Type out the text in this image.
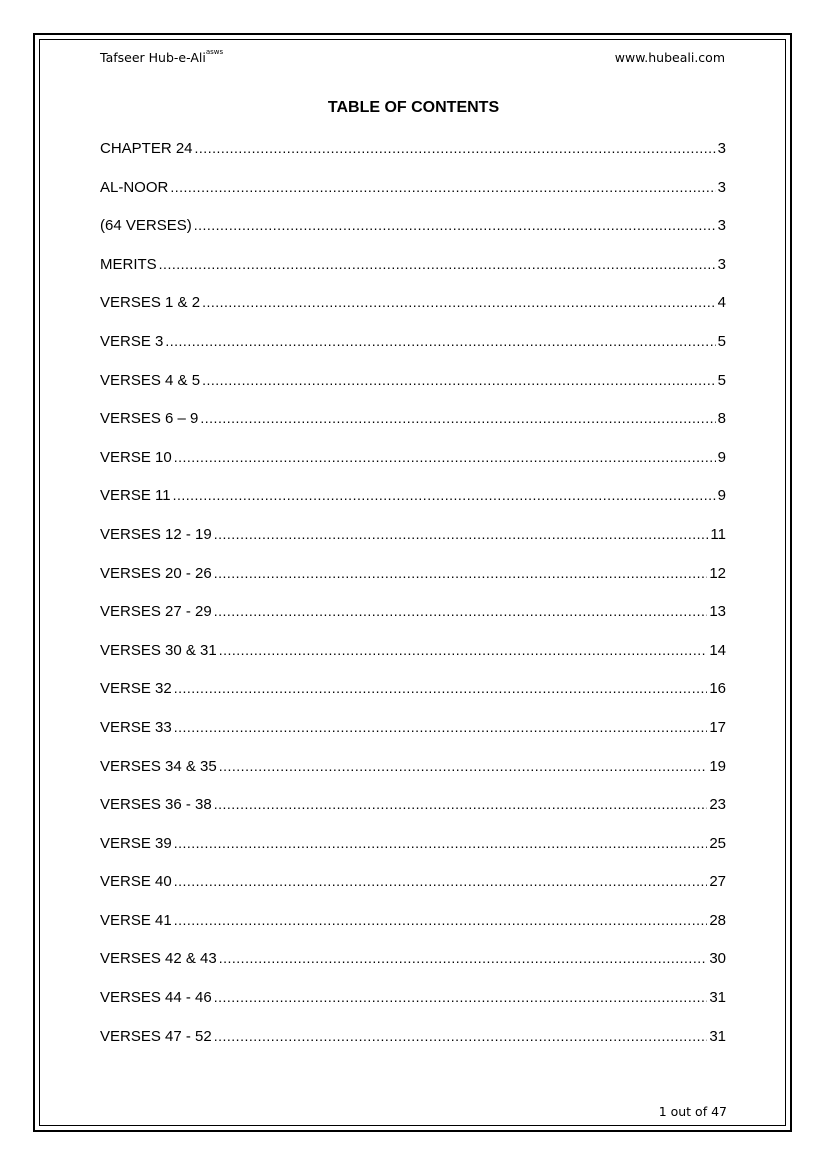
Tafseer Hub-e-Ali$^{asws}$	www.hubeali.com
TABLE OF CONTENTS
CHAPTER 24 .....	3
AL-NOOR .....	3
(64 VERSES) .....	3
MERITS .....	3
VERSES 1 & 2 .....	4
VERSE 3 .....	5
VERSES 4 & 5 .....	5
VERSES 6 – 9 .....	8
VERSE 10 .....	9
VERSE 11 .....	9
VERSES 12 - 19 .....	11
VERSES 20 - 26 .....	12
VERSES 27 - 29 .....	13
VERSES 30 & 31 .....	14
VERSE 32 .....	16
VERSE 33 .....	17
VERSES 34 & 35 .....	19
VERSES 36 - 38 .....	23
VERSE 39 .....	25
VERSE 40 .....	27
VERSE 41 .....	28
VERSES 42 & 43 .....	30
VERSES 44 - 46 .....	31
VERSES 47 - 52 .....	31
1 out of 47
